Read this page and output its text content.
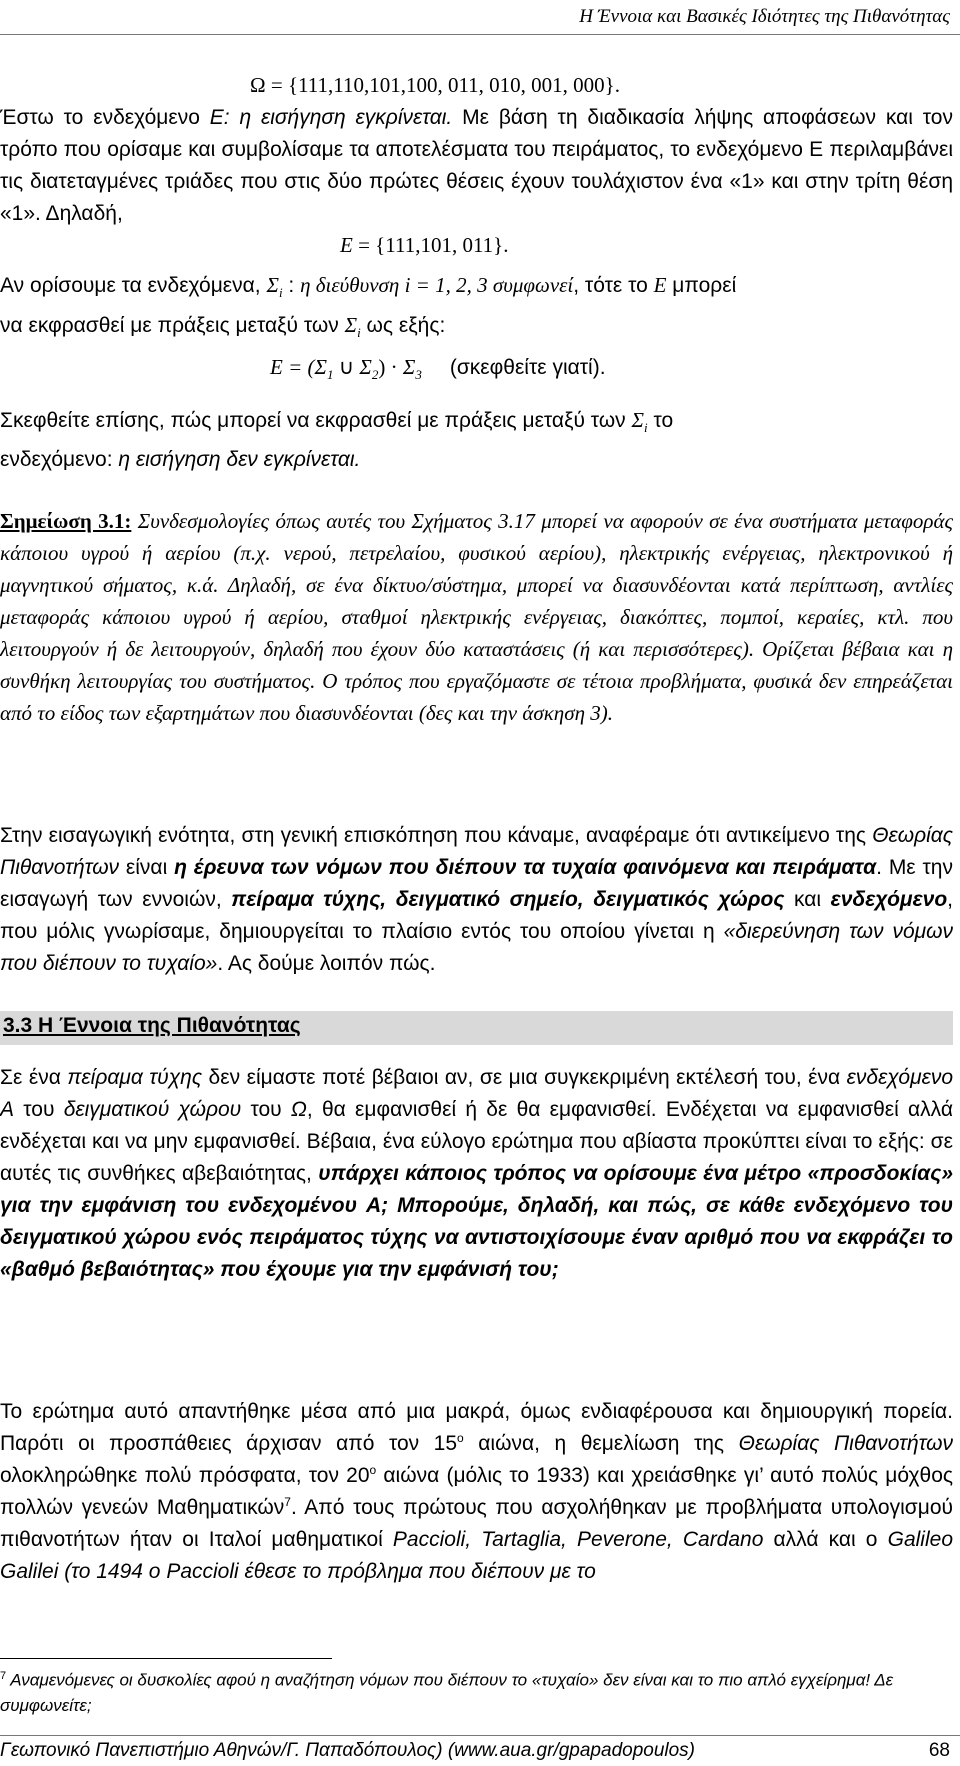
Η Έννοια και Βασικές Ιδιότητες της Πιθανότητας
Ω = {111,110,101,100, 011, 010, 001, 000}.
Έστω το ενδεχόμενο Ε: η εισήγηση εγκρίνεται. Με βάση τη διαδικασία λήψης αποφάσεων και τον τρόπο που ορίσαμε και συμβολίσαμε τα αποτελέσματα του πειράματος, το ενδεχόμενο Ε περιλαμβάνει τις διατεταγμένες τριάδες που στις δύο πρώτες θέσεις έχουν τουλάχιστον ένα «1» και στην τρίτη θέση «1». Δηλαδή,
E = {111,101, 011}.
Αν ορίσουμε τα ενδεχόμενα, $\Sigma_i$ : η διεύθυνση i = 1, 2, 3 συμφωνεί, τότε το E μπορεί
να εκφρασθεί με πράξεις μεταξύ των $\Sigma_i$ ως εξής:
$E = (\Sigma_1$ ∪ $\Sigma_2) \cdot \Sigma_3$ (σκεφθείτε γιατί).
Σκεφθείτε επίσης, πώς μπορεί να εκφρασθεί με πράξεις μεταξύ των $\Sigma_i$ το
ενδεχόμενο: η εισήγηση δεν εγκρίνεται.
Σημείωση 3.1: Συνδεσμολογίες όπως αυτές του Σχήματος 3.17 μπορεί να αφορούν σε ένα συστήματα μεταφοράς κάποιου υγρού ή αερίου (π.χ. νερού, πετρελαίου, φυσικού αερίου), ηλεκτρικής ενέργειας, ηλεκτρονικού ή μαγνητικού σήματος, κ.ά. Δηλαδή, σε ένα δίκτυο/σύστημα, μπορεί να διασυνδέονται κατά περίπτωση, αντλίες μεταφοράς κάποιου υγρού ή αερίου, σταθμοί ηλεκτρικής ενέργειας, διακόπτες, πομποί, κεραίες, κτλ. που λειτουργούν ή δε λειτουργούν, δηλαδή που έχουν δύο καταστάσεις (ή και περισσότερες). Ορίζεται βέβαια και η συνθήκη λειτουργίας του συστήματος. Ο τρόπος που εργαζόμαστε σε τέτοια προβλήματα, φυσικά δεν επηρεάζεται από το είδος των εξαρτημάτων που διασυνδέονται (δες και την άσκηση 3).
Στην εισαγωγική ενότητα, στη γενική επισκόπηση που κάναμε, αναφέραμε ότι αντικείμενο της Θεωρίας Πιθανοτήτων είναι η έρευνα των νόμων που διέπουν τα τυχαία φαινόμενα και πειράματα. Με την εισαγωγή των εννοιών, πείραμα τύχης, δειγματικό σημείο, δειγματικός χώρος και ενδεχόμενο, που μόλις γνωρίσαμε, δημιουργείται το πλαίσιο εντός του οποίου γίνεται η «διερεύνηση των νόμων που διέπουν το τυχαίο». Ας δούμε λοιπόν πώς.
3.3 Η Έννοια της Πιθανότητας
Σε ένα πείραμα τύχης δεν είμαστε ποτέ βέβαιοι αν, σε μια συγκεκριμένη εκτέλεσή του, ένα ενδεχόμενο A του δειγματικού χώρου του Ω, θα εμφανισθεί ή δε θα εμφανισθεί. Ενδέχεται να εμφανισθεί αλλά ενδέχεται και να μην εμφανισθεί. Βέβαια, ένα εύλογο ερώτημα που αβίαστα προκύπτει είναι το εξής: σε αυτές τις συνθήκες αβεβαιότητας, υπάρχει κάποιος τρόπος να ορίσουμε ένα μέτρο «προσδοκίας» για την εμφάνιση του ενδεχομένου A; Μπορούμε, δηλαδή, και πώς, σε κάθε ενδεχόμενο του δειγματικού χώρου ενός πειράματος τύχης να αντιστοιχίσουμε έναν αριθμό που να εκφράζει το «βαθμό βεβαιότητας» που έχουμε για την εμφάνισή του;
Το ερώτημα αυτό απαντήθηκε μέσα από μια μακρά, όμως ενδιαφέρουσα και δημιουργική πορεία. Παρότι οι προσπάθειες άρχισαν από τον $15^o$ αιώνα, η θεμελίωση της Θεωρίας Πιθανοτήτων ολοκληρώθηκε πολύ πρόσφατα, τον $20^o$ αιώνα (μόλις το 1933) και χρειάσθηκε γι’ αυτό πολύς μόχθος πολλών γενεών Μαθηματικών$^7$. Από τους πρώτους που ασχολήθηκαν με προβλήματα υπολογισμού πιθανοτήτων ήταν οι Ιταλοί μαθηματικοί Paccioli, Tartaglia, Peverone, Cardano αλλά και ο Galileo Galilei (το 1494 ο Paccioli έθεσε το πρόβλημα που διέπουν με το
$^7$ Αναμενόμενες οι δυσκολίες αφού η αναζήτηση νόμων που διέπουν το «τυχαίο» δεν είναι και το πιο απλό εγχείρημα! Δε συμφωνείτε;
Γεωπονικό Πανεπιστήμιο Αθηνών/Γ. Παπαδόπουλος) (www.aua.gr/gpapadopoulos)	68
